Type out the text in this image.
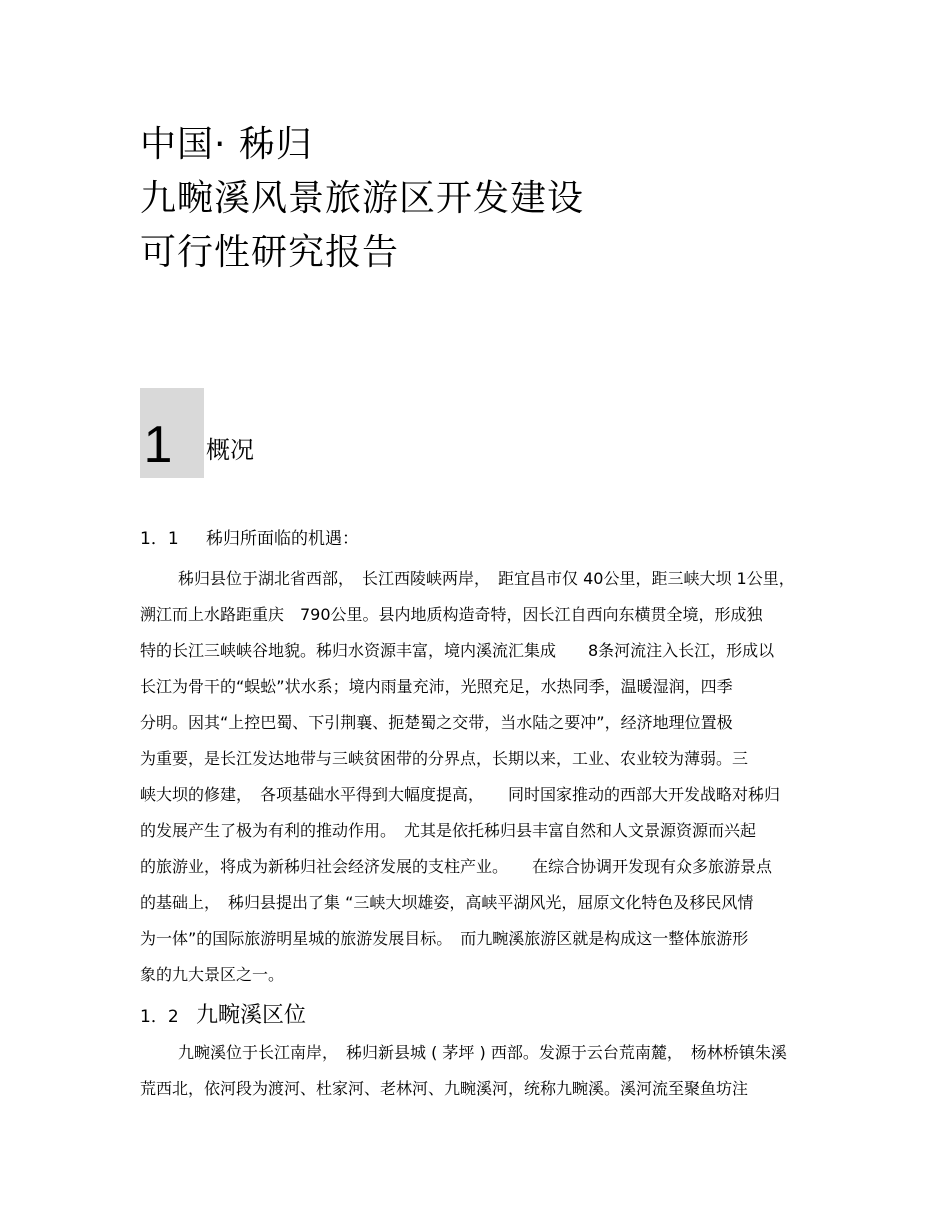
中国· 秭归
九畹溪风景旅游区开发建设
可行性研究报告
1 概况
1．1 秭归所面临的机遇：
秭归县位于湖北省西部，　长江西陵峡两岸，　距宜昌市仅 40公里，距三峡大坝 1公里，
溯江而上水路距重庆　790公里。县内地质构造奇特，因长江自西向东横贯全境，形成独
特的长江三峡峡谷地貌。秭归水资源丰富，境内溪流汇集成　　8条河流注入长江，形成以
长江为骨干的“蜈蚣”状水系；境内雨量充沛，光照充足，水热同季，温暖湿润，四季
分明。因其“上控巴蜀、下引荆襄、扼楚蜀之交带，当水陆之要冲”，经济地理位置极
为重要，是长江发达地带与三峡贫困带的分界点，长期以来，工业、农业较为薄弱。三
峡大坝的修建，　各项基础水平得到大幅度提高，　　同时国家推动的西部大开发战略对秭归
的发展产生了极为有利的推动作用。　尤其是依托秭归县丰富自然和人文景源资源而兴起
的旅游业，将成为新秭归社会经济发展的支柱产业。　　在综合协调开发现有众多旅游景点
的基础上，　秭归县提出了集 “三峡大坝雄姿，高峡平湖风光，屈原文化特色及移民风情
为一体”的国际旅游明星城的旅游发展目标。　而九畹溪旅游区就是构成这一整体旅游形
象的九大景区之一。
1．2 九畹溪区位
九畹溪位于长江南岸，　秭归新县城 ( 茅坪 ) 西部。发源于云台荒南麓，　杨林桥镇朱溪
荒西北，依河段为渡河、杜家河、老林河、九畹溪河，统称九畹溪。溪河流至聚鱼坊注
